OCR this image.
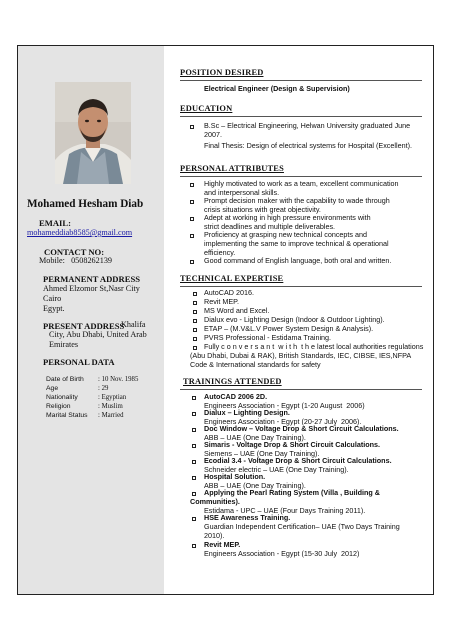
Mohamed Hesham Diab
EMAIL:
mohameddiab8585@gmail.com
CONTACT NO:
Mobile:   0508262139
PERMANENT ADDRESS
Ahmed Elzomor St,Nasr City
Cairo
Egypt.
PRESENT ADDRESS
Khalifa
City, Abu Dhabi, United Arab
Emirates
PERSONAL DATA
Date of Birth : 10 Nov. 1985
Age	: 29
Nationality	: Egyptian
Religion	: Muslim
Marital Status : Married
POSITION DESIRED
Electrical Engineer (Design & Supervision)
EDUCATION
B.Sc – Electrical Engineering, Helwan University graduated June
2007.
Final Thesis: Design of electrical systems for Hospital (Excellent).
PERSONAL ATTRIBUTES
Highly motivated to work as a team, excellent communication
and interpersonal skills.
Prompt decision maker with the capability to wade through
crisis situations with great objectivity.
Adept at working in high pressure environments with
strict deadlines and multiple deliverables.
Proficiency at grasping new technical concepts and
implementing the same to improve technical & operational
efficiency.
Good command of English language, both oral and written.
TECHNICAL EXPERTISE
AutoCAD 2016.
Revit MEP.
MS Word and Excel.
Dialux evo - Lighting Design (Indoor & Outdoor Lighting).
ETAP – (M.V&L.V Power System Design & Analysis).
PVRS Professional - Estidama Training.
Fully c o n v e r s a n t  w i t h  t h e latest local authorities regulations
(Abu Dhabi, Dubai & RAK), British Standards, IEC, CIBSE, IES,NFPA
Code & International standards for safety
TRAININGS ATTENDED
AutoCAD 2006 2D.
Engineers Association - Egypt (1-20 August  2006)
Dialux – Lighting Design.
Engineers Association - Egypt (20-27 July  2006).
Doc Window – Voltage Drop & Short Circuit Calculations.
ABB – UAE (One Day Training).
Simaris - Voltage Drop & Short Circuit Calculations.
Siemens – UAE (One Day Training).
Ecodial 3.4 - Voltage Drop & Short Circuit Calculations.
Schneider electric – UAE (One Day Training).
Hospital Solution.
ABB – UAE (One Day Training).
Applying the Pearl Rating System (Villa , Building &
Communities).
Estidama - UPC – UAE (Four Days Training 2011).
HSE Awareness Training.
Guardian Independent Certification– UAE (Two Days Training
2010).
Revit MEP.
Engineers Association - Egypt (15-30 July  2012)
